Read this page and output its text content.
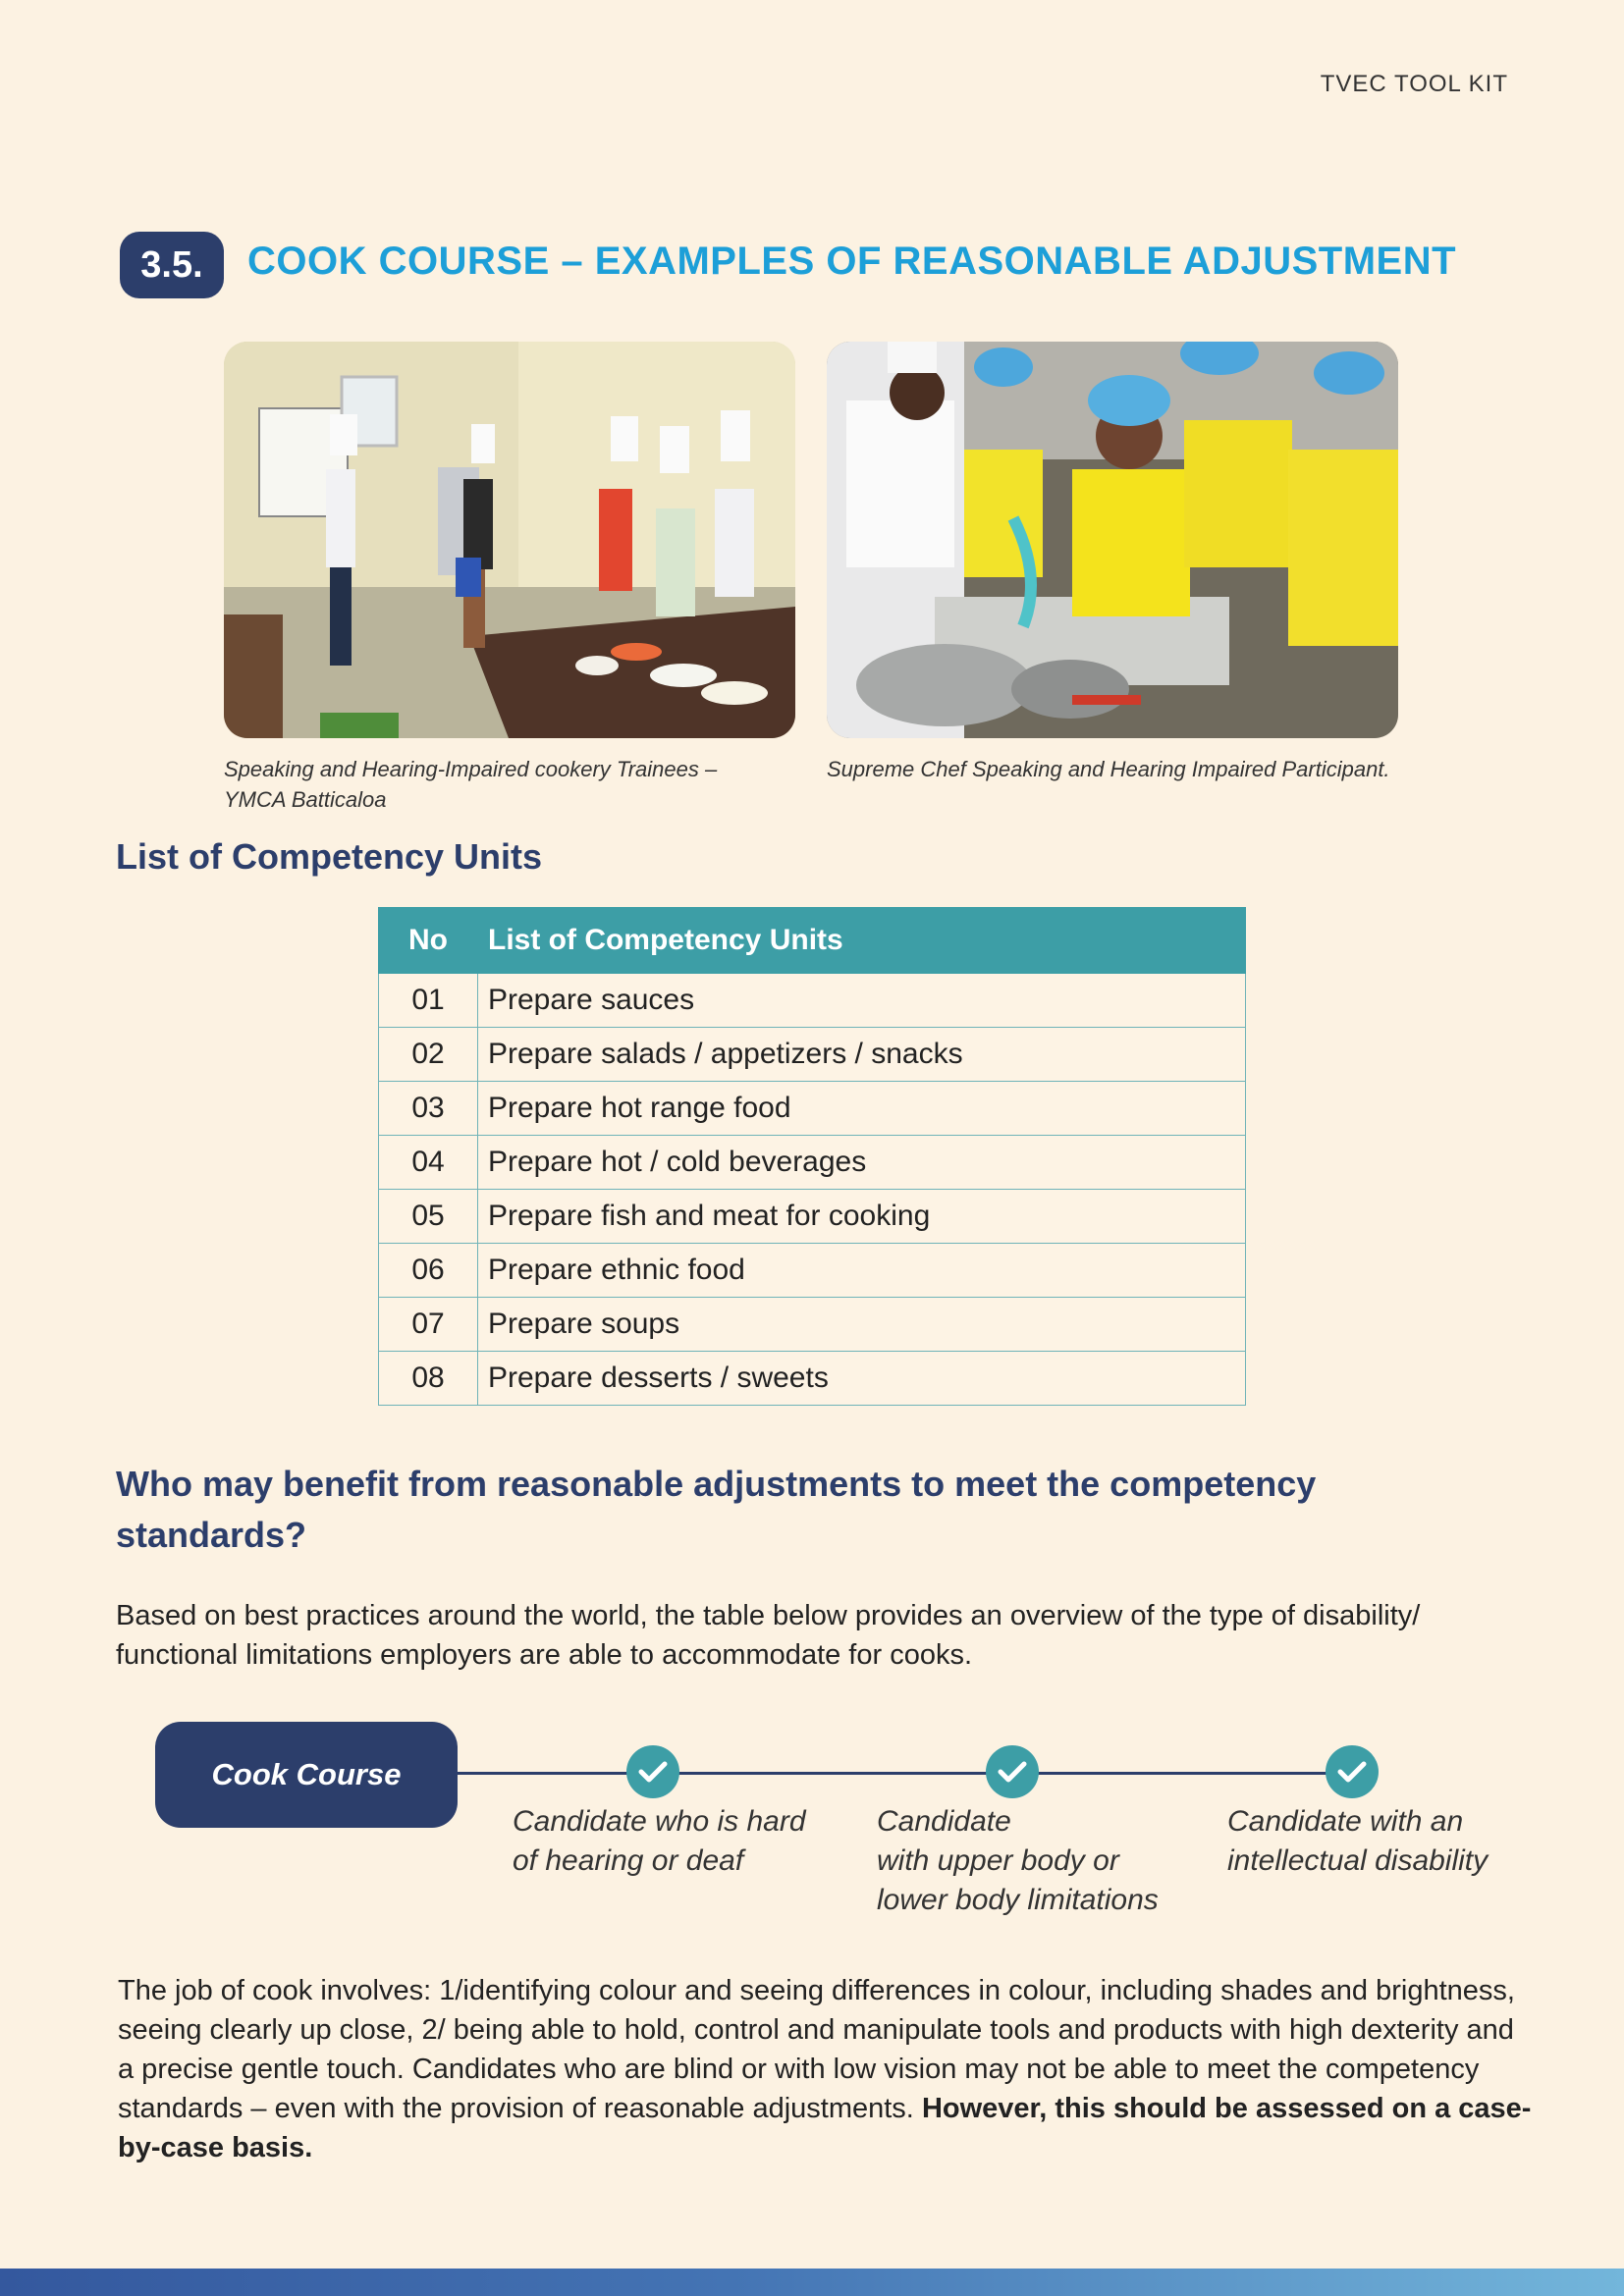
TVEC TOOL KIT
3.5.	COOK COURSE – EXAMPLES OF REASONABLE ADJUSTMENT
Speaking and Hearing-Impaired cookery Trainees – YMCA Batticaloa
Supreme Chef Speaking and Hearing Impaired Participant.
List of Competency Units
No	List of Competency Units
01	Prepare sauces
02	Prepare salads / appetizers / snacks
03	Prepare hot range food
04	Prepare hot / cold beverages
05	Prepare fish and meat for cooking
06	Prepare ethnic food
07	Prepare soups
08	Prepare desserts / sweets
Who may benefit from reasonable adjustments to meet the competency standards?
Based on best practices around the world, the table below provides an overview of the type of disability/ functional limitations employers are able to accommodate for cooks.
Cook Course
Candidate who is hard
of hearing or deaf
Candidate
with upper body or
lower body limitations
Candidate with an
intellectual disability
The job of cook involves: 1/identifying colour and seeing differences in colour, including shades and brightness, seeing clearly up close, 2/ being able to hold, control and manipulate tools and products with high dexterity and a precise gentle touch. Candidates who are blind or with low vision may not be able to meet the competency standards – even with the provision of reasonable adjustments. However, this should be assessed on a case-by-case basis.
